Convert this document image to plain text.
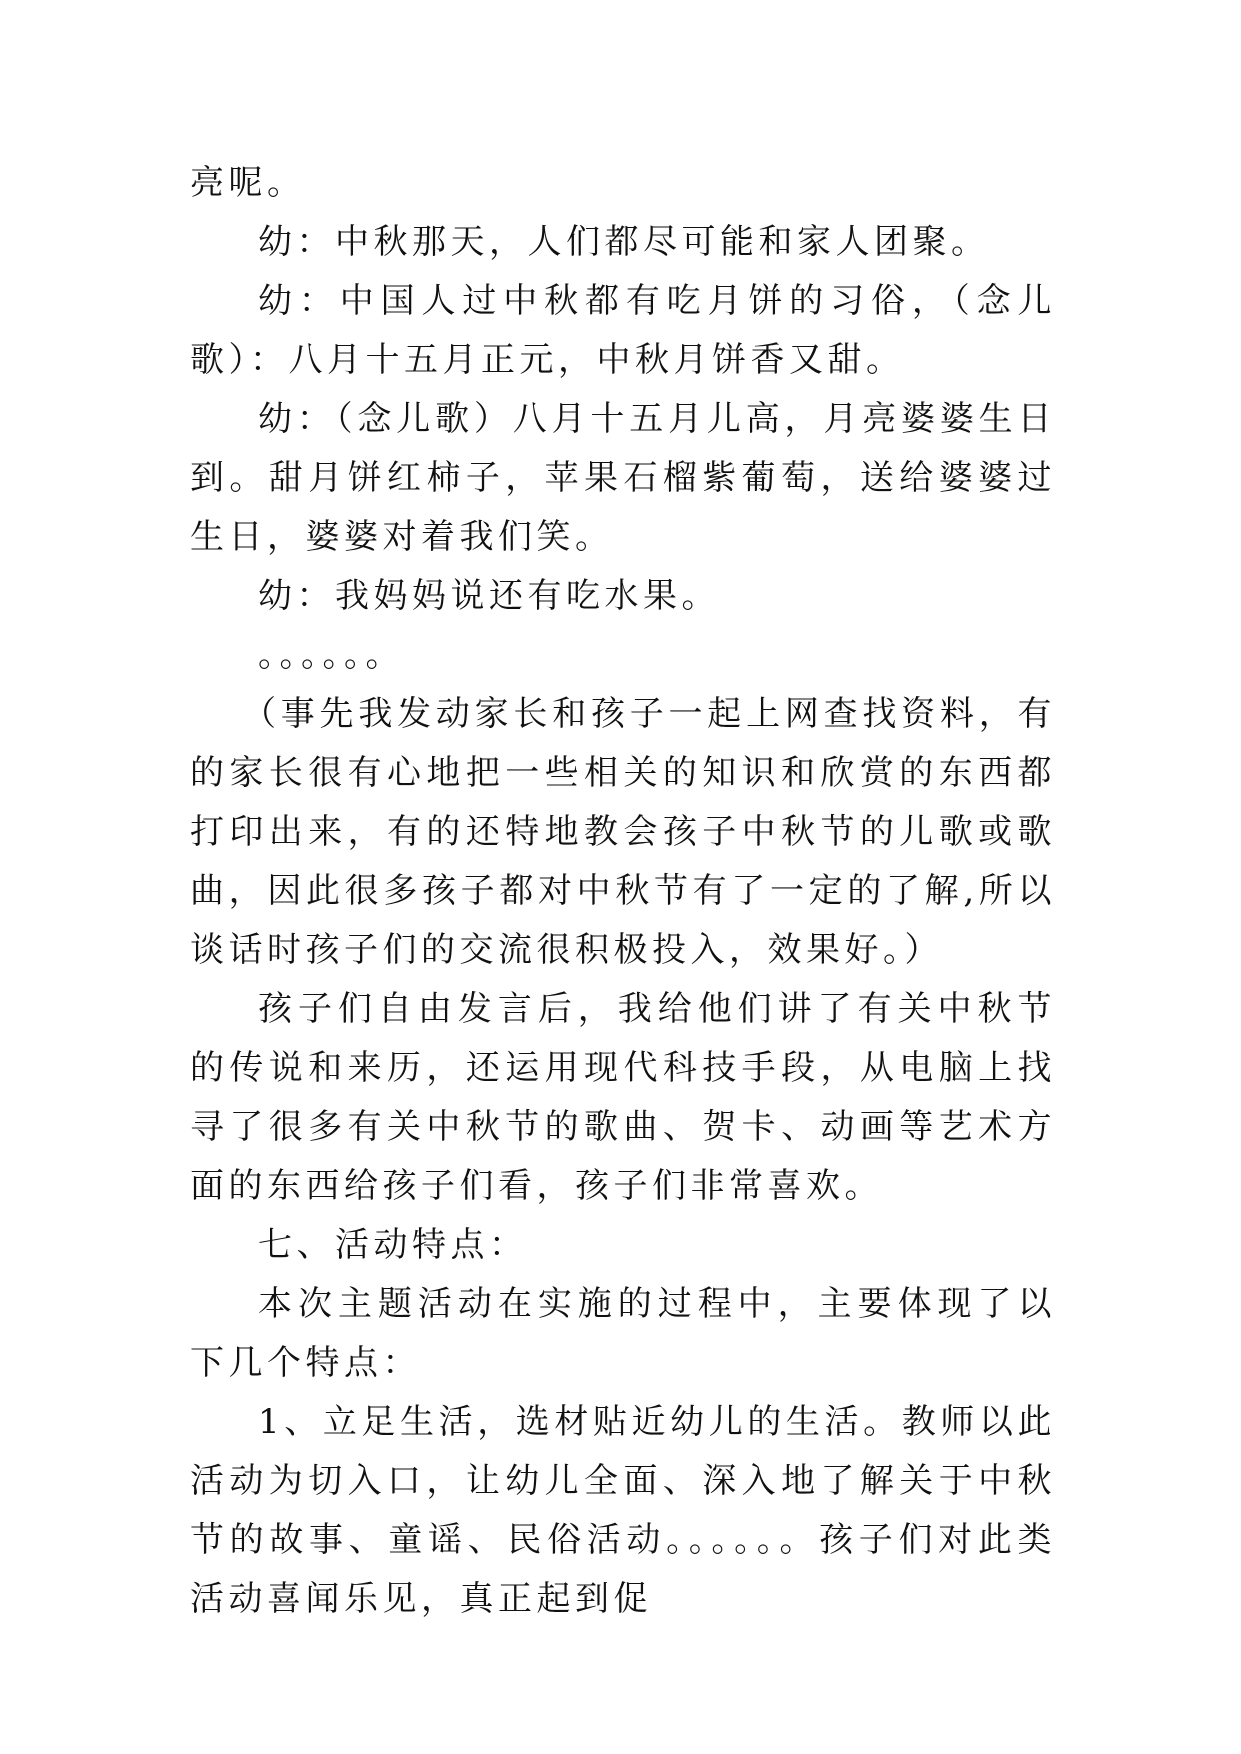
亮呢。

幼：中秋那天，人们都尽可能和家人团聚。

幼：中国人过中秋都有吃月饼的习俗，（念儿歌）：八月十五月正元，中秋月饼香又甜。

幼：（念儿歌）八月十五月儿高，月亮婆婆生日到。甜月饼红柿子，苹果石榴紫葡萄，送给婆婆过生日，婆婆对着我们笑。

幼：我妈妈说还有吃水果。

。。。。。。

（事先我发动家长和孩子一起上网查找资料，有的家长很有心地把一些相关的知识和欣赏的东西都打印出来，有的还特地教会孩子中秋节的儿歌或歌曲，因此很多孩子都对中秋节有了一定的了解,所以谈话时孩子们的交流很积极投入，效果好。）

孩子们自由发言后，我给他们讲了有关中秋节的传说和来历，还运用现代科技手段，从电脑上找寻了很多有关中秋节的歌曲、贺卡、动画等艺术方面的东西给孩子们看，孩子们非常喜欢。

七、活动特点：

本次主题活动在实施的过程中，主要体现了以下几个特点：

1、立足生活，选材贴近幼儿的生活。教师以此活动为切入口，让幼儿全面、深入地了解关于中秋节的故事、童谣、民俗活动。。。。。。孩子们对此类活动喜闻乐见，真正起到促
